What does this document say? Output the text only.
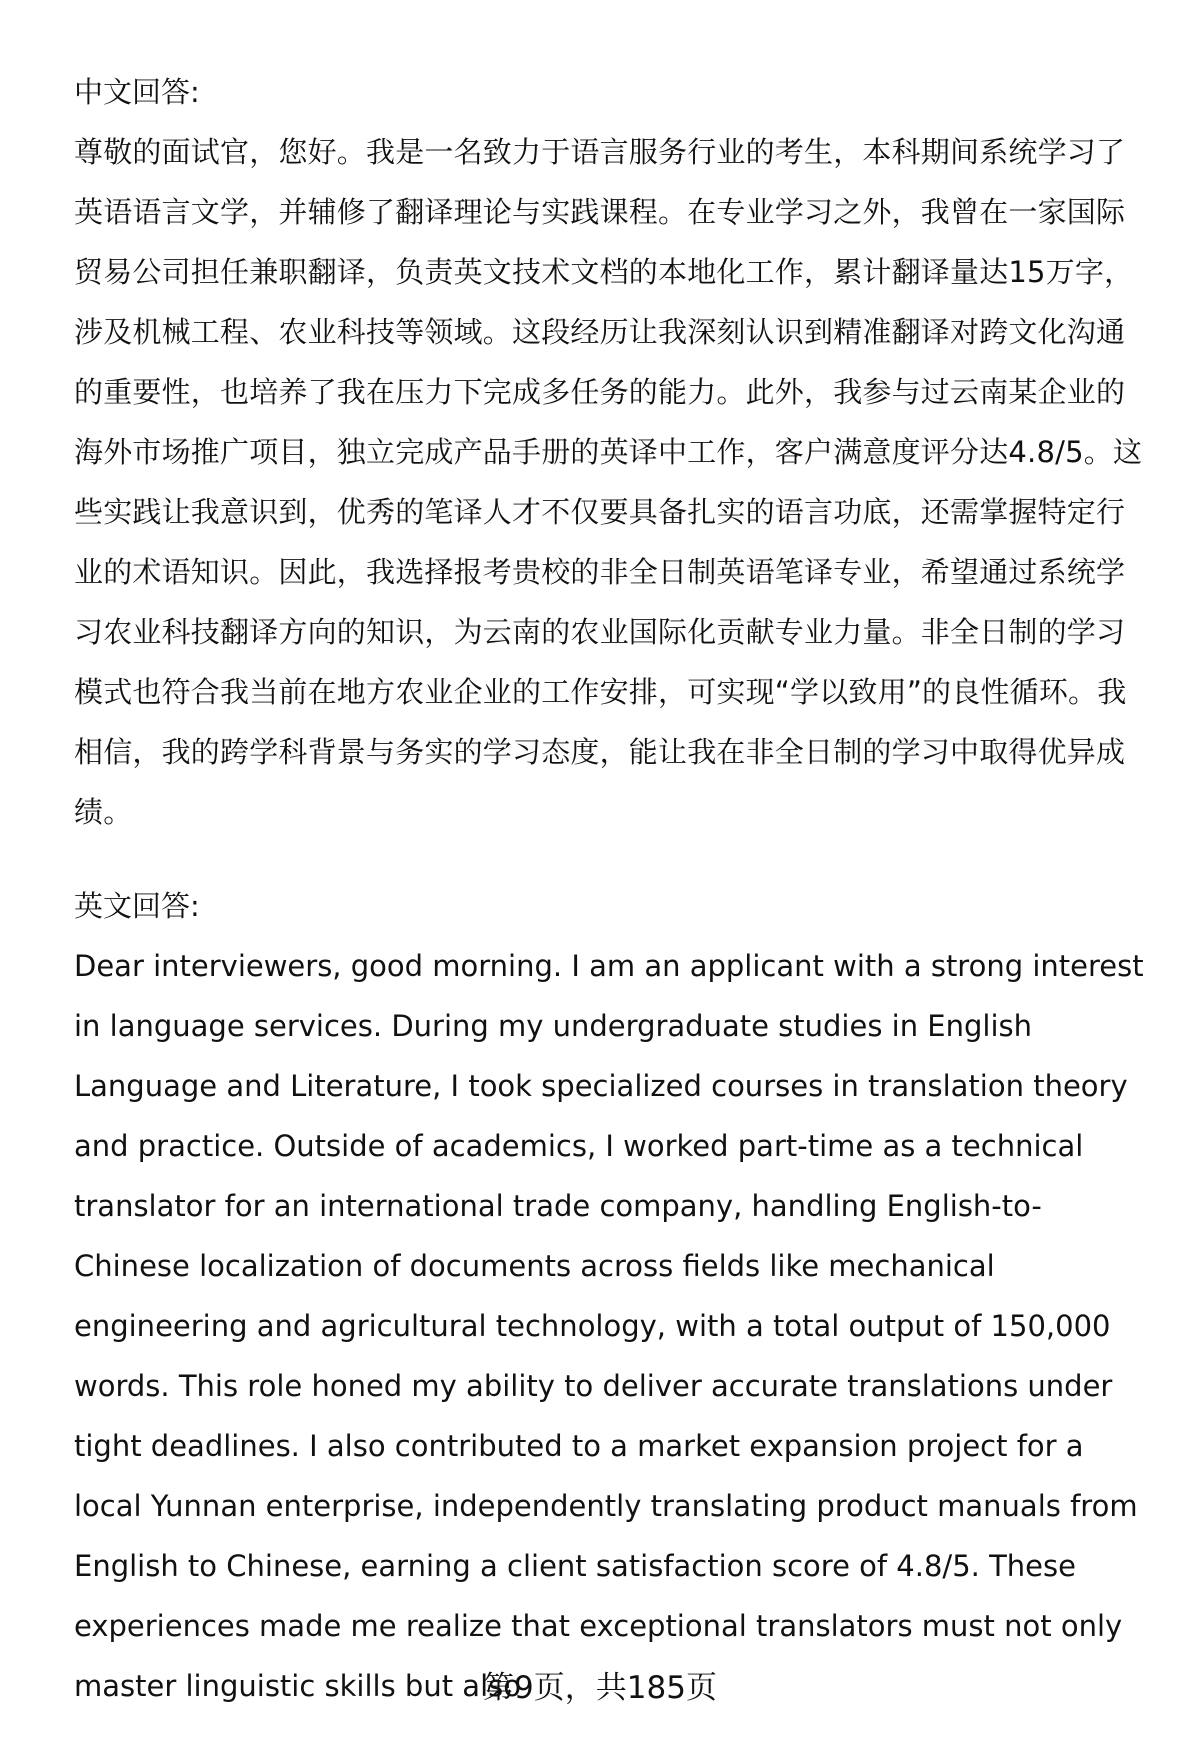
中文回答:

尊敬的面试官，您好。我是一名致力于语言服务行业的考生，本科期间系统学习了英语语言文学，并辅修了翻译理论与实践课程。在专业学习之外，我曾在一家国际贸易公司担任兼职翻译，负责英文技术文档的本地化工作，累计翻译量达15万字，涉及机械工程、农业科技等领域。这段经历让我深刻认识到精准翻译对跨文化沟通的重要性，也培养了我在压力下完成多任务的能力。此外，我参与过云南某企业的海外市场推广项目，独立完成产品手册的英译中工作，客户满意度评分达4.8/5。这些实践让我意识到，优秀的笔译人才不仅要具备扎实的语言功底，还需掌握特定行业的术语知识。因此，我选择报考贵校的非全日制英语笔译专业，希望通过系统学习农业科技翻译方向的知识，为云南的农业国际化贡献专业力量。非全日制的学习模式也符合我当前在地方农业企业的工作安排，可实现“学以致用”的良性循环。我相信，我的跨学科背景与务实的学习态度，能让我在非全日制的学习中取得优异成绩。

英文回答:

Dear interviewers, good morning. I am an applicant with a strong interest in language services. During my undergraduate studies in English Language and Literature, I took specialized courses in translation theory and practice. Outside of academics, I worked part-time as a technical translator for an international trade company, handling English-to-Chinese localization of documents across fields like mechanical engineering and agricultural technology, with a total output of 150,000 words. This role honed my ability to deliver accurate translations under tight deadlines. I also contributed to a market expansion project for a local Yunnan enterprise, independently translating product manuals from English to Chinese, earning a client satisfaction score of 4.8/5. These experiences made me realize that exceptional translators must not only master linguistic skills but also

第9页，共185页
